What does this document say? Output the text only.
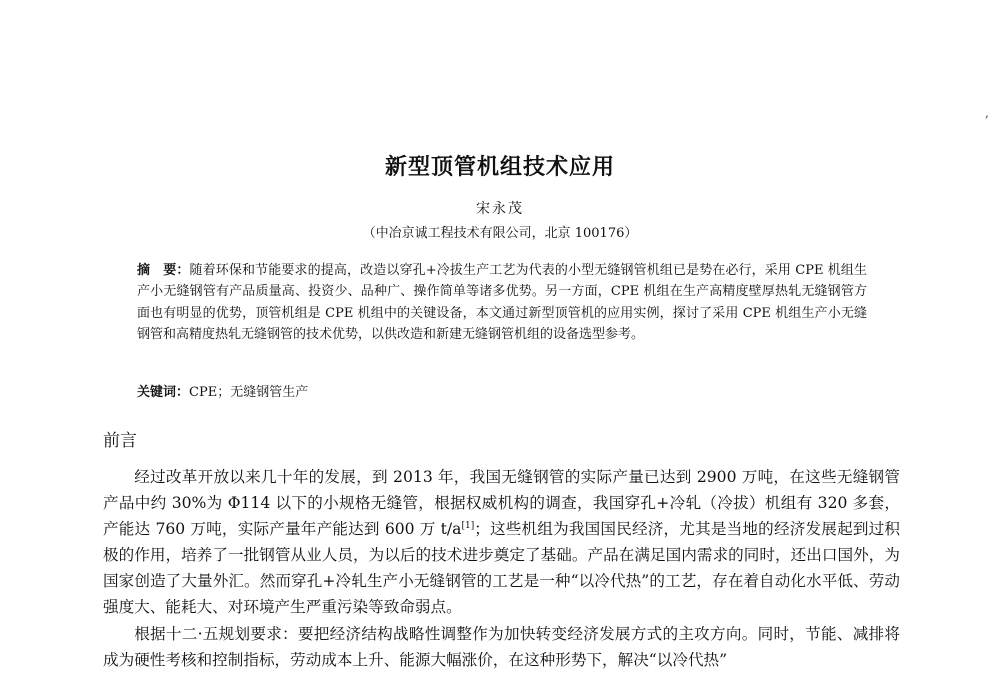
,
新型顶管机组技术应用
宋永茂
（中冶京诚工程技术有限公司，北京 100176）
摘　要：随着环保和节能要求的提高，改造以穿孔+冷拔生产工艺为代表的小型无缝钢管机组已是势在必行，采用 CPE 机组生产小无缝钢管有产品质量高、投资少、品种广、操作简单等诸多优势。另一方面，CPE 机组在生产高精度壁厚热轧无缝钢管方面也有明显的优势，顶管机组是 CPE 机组中的关键设备，本文通过新型顶管机的应用实例，探讨了采用 CPE 机组生产小无缝钢管和高精度热轧无缝钢管的技术优势，以供改造和新建无缝钢管机组的设备选型参考。
关键词：CPE；无缝钢管生产
前言

经过改革开放以来几十年的发展，到 2013 年，我国无缝钢管的实际产量已达到 2900 万吨，在这些无缝钢管产品中约 30%为 Φ114 以下的小规格无缝管，根据权威机构的调查，我国穿孔+冷轧（冷拔）机组有 320 多套，产能达 760 万吨，实际产量年产能达到 600 万 t/a[1]；这些机组为我国国民经济，尤其是当地的经济发展起到过积极的作用，培养了一批钢管从业人员，为以后的技术进步奠定了基础。产品在满足国内需求的同时，还出口国外，为国家创造了大量外汇。然而穿孔+冷轧生产小无缝钢管的工艺是一种“以冷代热”的工艺，存在着自动化水平低、劳动强度大、能耗大、对环境产生严重污染等致命弱点。

根据十二·五规划要求：要把经济结构战略性调整作为加快转变经济发展方式的主攻方向。同时，节能、减排将成为硬性考核和控制指标，劳动成本上升、能源大幅涨价，在这种形势下，解决“以冷代热”
